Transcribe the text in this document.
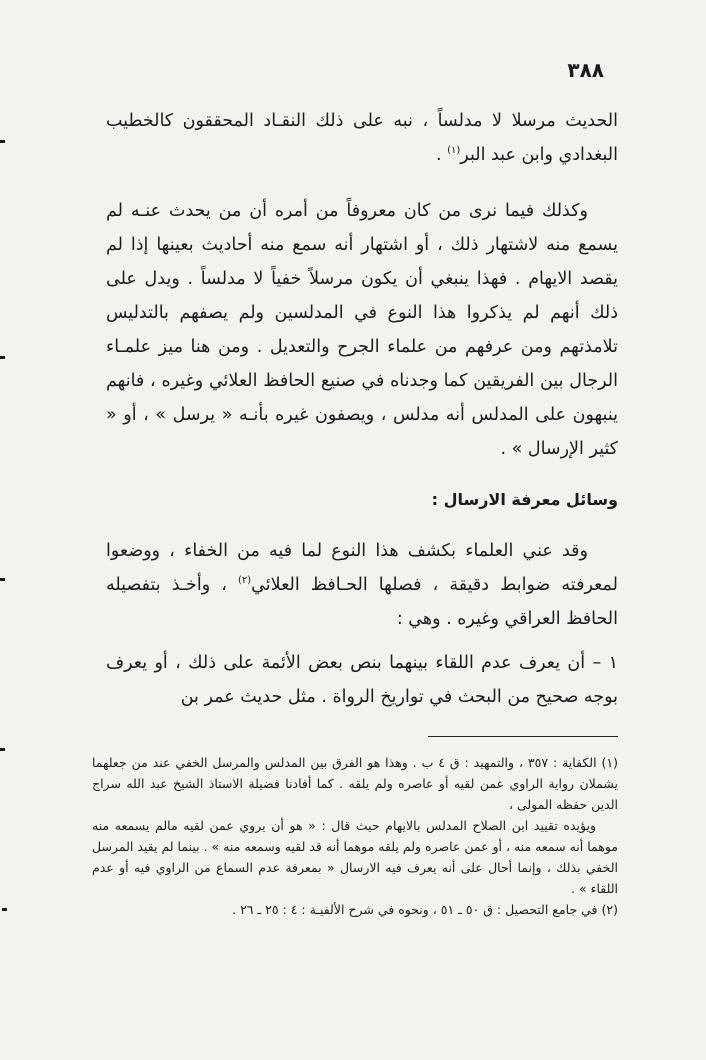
٣٨٨

الحديث مرسلا لا مدلساً ، نبه على ذلك النقـاد المحققون كالخطيب البغدادي وابن عبد البر$^{(١)}$ .

وكذلك فيما نرى من كان معروفاً من أمره أن من يحدث عنـه لم يسمع منه لاشتهار ذلك ، أو اشتهار أنه سمع منه أحاديث بعينها إذا لم يقصد الايهام . فهذا ينبغي أن يكون مرسلاً خفياً لا مدلساً . ويدل على ذلك أنهم لم يذكروا هذا النوع في المدلسين ولم يصفهم بالتدليس تلامذتهم ومن عرفهم من علماء الجرح والتعديل . ومن هنا ميز علمـاء الرجال بين الفريقين كما وجدناه في صنيع الحافظ العلائي وغيره ، فانهم ينبهون على المدلس أنه مدلس ، ويصفون غيره بأنـه « يرسل » ، أو « كثير الإرسال » .

وسائل معرفة الارسال :

وقد عني العلماء بكشف هذا النوع لما فيه من الخفاء ، ووضعوا لمعرفته ضوابط دقيقة ، فصلها الحـافظ العلائي$^{(٢)}$ ، وأخـذ بتفصيله الحافظ العراقي وغيره . وهي :

١ – أن يعرف عدم اللقاء بينهما بنص بعض الأئمة على ذلك ، أو يعرف بوجه صحيح من البحث في تواريخ الرواة . مثل حديث عمر بن

(١) الكفاية : ٣٥٧ ، والتمهيد : ق ٤ ب . وهذا هو الفرق بين المدلس والمرسل الخفي عند من جعلهما يشملان رواية الراوي عمن لقيه أو عاصره ولم يلقه . كما أفادنا فضيلة الاستاذ الشيخ عبد الله سراج الدين حفظه المولى ،

ويؤيده تقييد ابن الصلاح المدلس بالايهام حيث قال : « هو أن يروي عمن لقيه مالم يسمعه منه موهما أنه سمعه منه ، أو عمن عاصره ولم يلقه موهما أنه قد لقيه وسمعه منه » . بينما لم يقيد المرسل الخفي بذلك ، وإنما أحال على أنه يعرف فيه الارسال « بمعرفة عدم السماع من الراوي فيه أو عدم اللقاء » .

(٢) في جامع التحصيل : ق ٥٠ ـ ٥١ ، ونحوه في شرح الألفيـة : ٤ : ٢٥ ـ ٢٦ .
